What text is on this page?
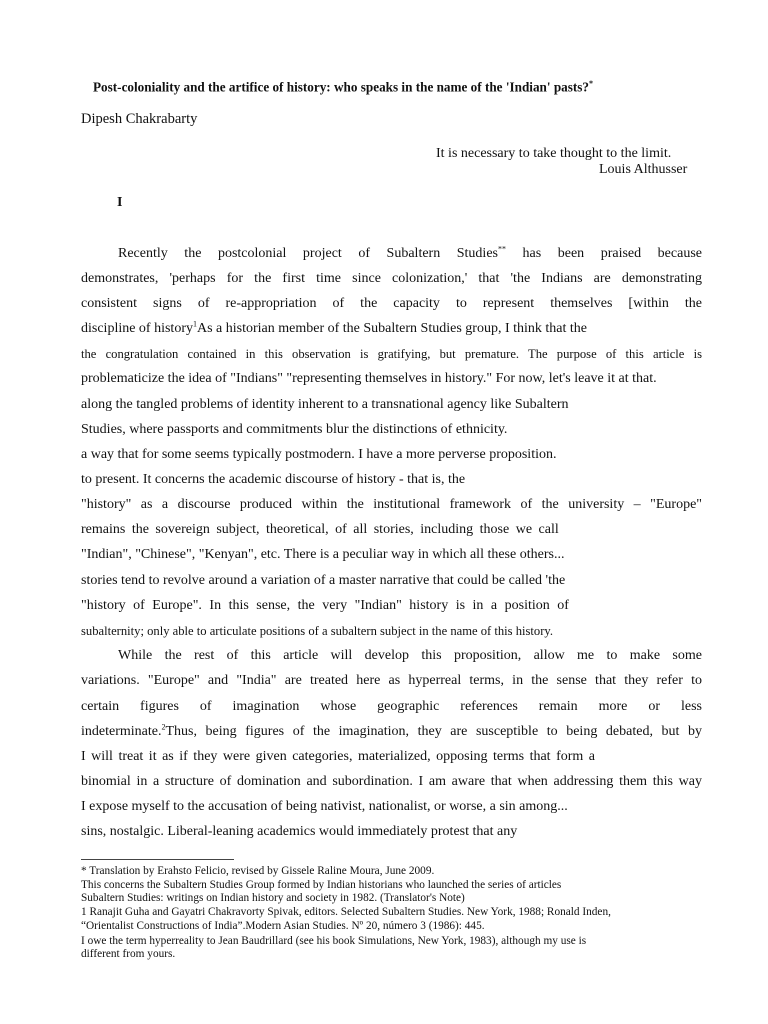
Post-coloniality and the artifice of history: who speaks in the name of the 'Indian' pasts?*
Dipesh Chakrabarty
It is necessary to take thought to the limit.
Louis Althusser
I
Recently the postcolonial project of Subaltern Studies** has been praised because
demonstrates, 'perhaps for the first time since colonization,' that 'the Indians are demonstrating
consistent signs of re-appropriation of the capacity to represent themselves [within the
discipline of history$^1$As a historian member of the Subaltern Studies group, I think that the
the congratulation contained in this observation is gratifying, but premature. The purpose of this article is
problematicize the idea of "Indians" "representing themselves in history." For now, let's leave it at that.
along the tangled problems of identity inherent to a transnational agency like Subaltern
Studies, where passports and commitments blur the distinctions of ethnicity.
a way that for some seems typically postmodern. I have a more perverse proposition.
to present. It concerns the academic discourse of history - that is, the
"history" as a discourse produced within the institutional framework of the university – "Europe"
remains the sovereign subject, theoretical, of all stories, including those we call
"Indian", "Chinese", "Kenyan", etc. There is a peculiar way in which all these others...
stories tend to revolve around a variation of a master narrative that could be called 'the
"history of Europe". In this sense, the very "Indian" history is in a position of
subalternity; only able to articulate positions of a subaltern subject in the name of this history.
While the rest of this article will develop this proposition, allow me to make some
variations. "Europe" and "India" are treated here as hyperreal terms, in the sense that they refer to
certain figures of imagination whose geographic references remain more or less
indeterminate.$^2$Thus, being figures of the imagination, they are susceptible to being debated, but by
I will treat it as if they were given categories, materialized, opposing terms that form a
binomial in a structure of domination and subordination. I am aware that when addressing them this way
I expose myself to the accusation of being nativist, nationalist, or worse, a sin among...
sins, nostalgic. Liberal-leaning academics would immediately protest that any
* Translation by Erahsto Felicio, revised by Gissele Raline Moura, June 2009.
This concerns the Subaltern Studies Group formed by Indian historians who launched the series of articles
Subaltern Studies: writings on Indian history and society in 1982. (Translator's Note)
1 Ranajit Guha and Gayatri Chakravorty Spivak, editors. Selected Subaltern Studies. New York, 1988; Ronald Inden,
“Orientalist Constructions of India”.Modern Asian Studies. Nº 20, número 3 (1986): 445.
I owe the term hyperreality to Jean Baudrillard (see his book Simulations, New York, 1983), although my use is
different from yours.
